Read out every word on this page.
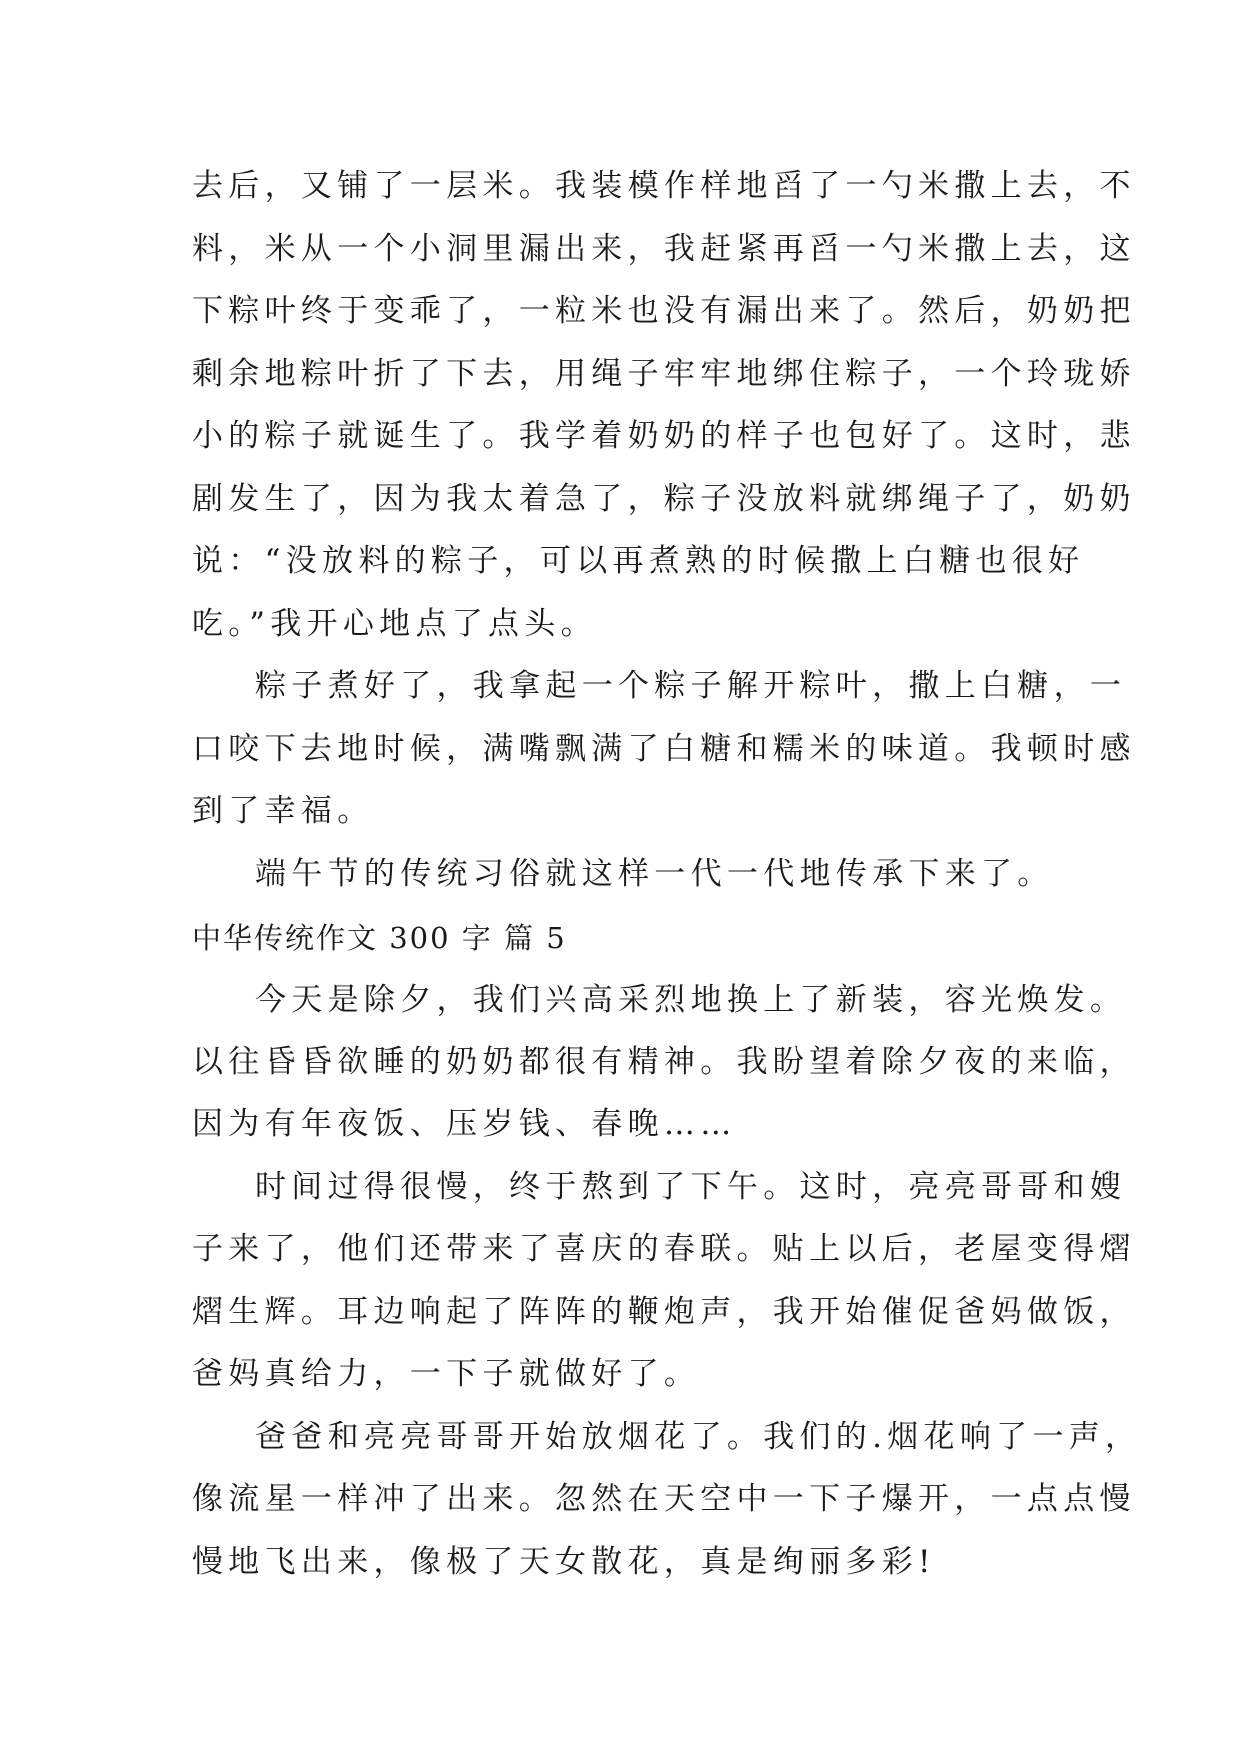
去后，又铺了一层米。我装模作样地舀了一勺米撒上去，不
料，米从一个小洞里漏出来，我赶紧再舀一勺米撒上去，这
下粽叶终于变乖了，一粒米也没有漏出来了。然后，奶奶把
剩余地粽叶折了下去，用绳子牢牢地绑住粽子，一个玲珑娇
小的粽子就诞生了。我学着奶奶的样子也包好了。这时，悲
剧发生了，因为我太着急了，粽子没放料就绑绳子了，奶奶
说：“没放料的粽子，可以再煮熟的时候撒上白糖也很好
吃。”我开心地点了点头。
粽子煮好了，我拿起一个粽子解开粽叶，撒上白糖，一
口咬下去地时候，满嘴飘满了白糖和糯米的味道。我顿时感
到了幸福。
端午节的传统习俗就这样一代一代地传承下来了。
中华传统作文 300 字 篇 5
今天是除夕，我们兴高采烈地换上了新装，容光焕发。
以往昏昏欲睡的奶奶都很有精神。我盼望着除夕夜的来临，
因为有年夜饭、压岁钱、春晚……
时间过得很慢，终于熬到了下午。这时，亮亮哥哥和嫂
子来了，他们还带来了喜庆的春联。贴上以后，老屋变得熠
熠生辉。耳边响起了阵阵的鞭炮声，我开始催促爸妈做饭，
爸妈真给力，一下子就做好了。
爸爸和亮亮哥哥开始放烟花了。我们的.烟花响了一声，
像流星一样冲了出来。忽然在天空中一下子爆开，一点点慢
慢地飞出来，像极了天女散花，真是绚丽多彩!
